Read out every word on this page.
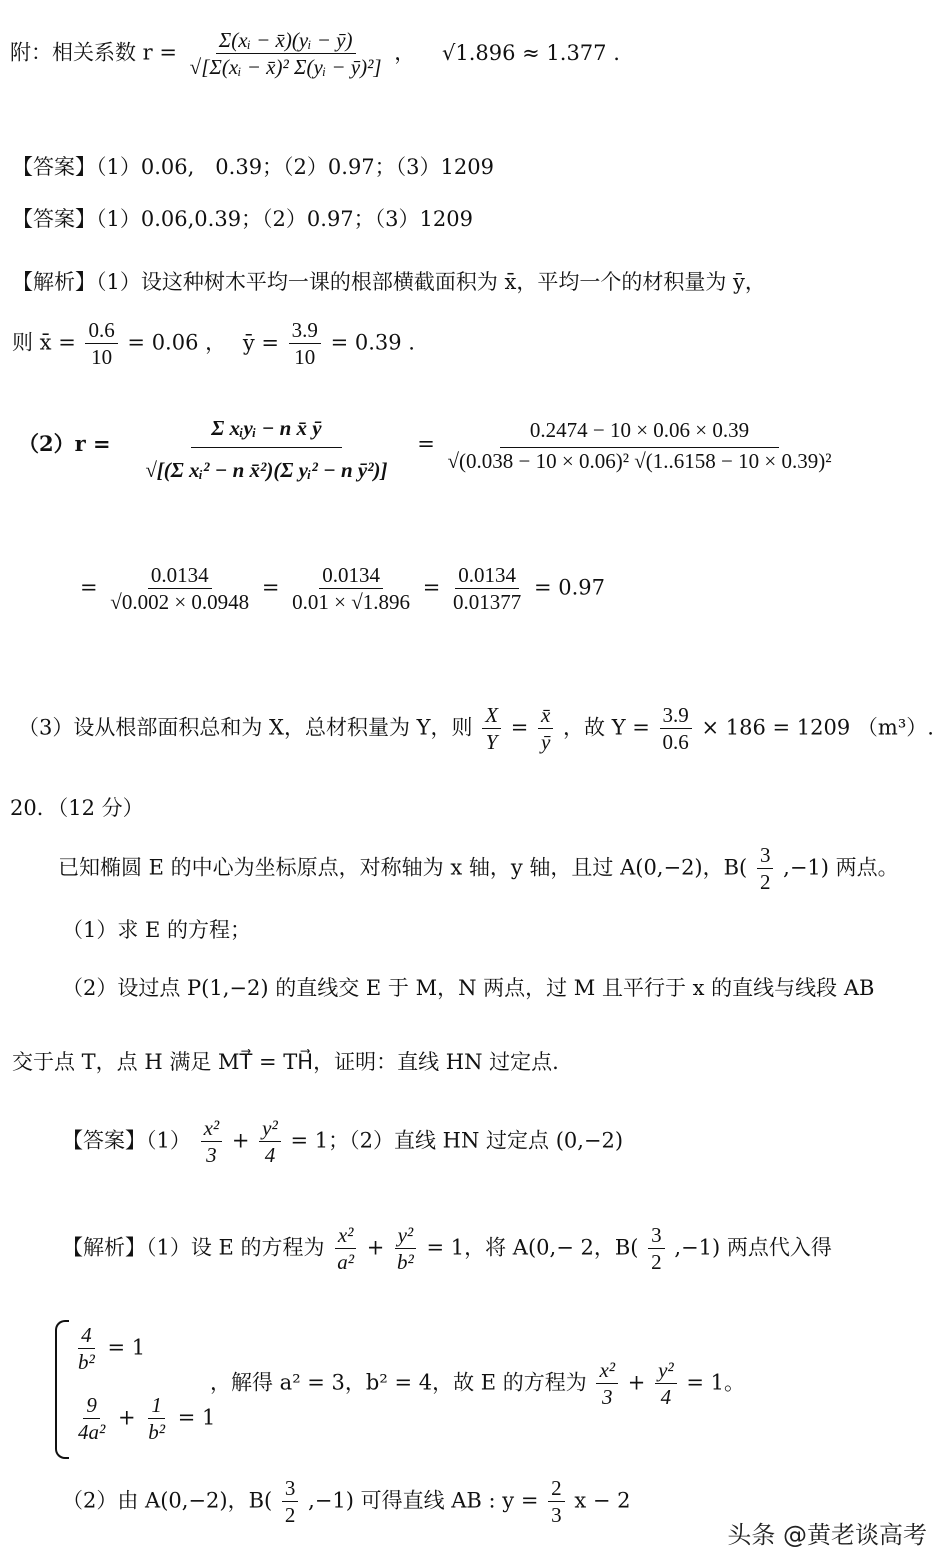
附：相关系数 $r = \frac{\text{Σ(xᵢ − x̄)(yᵢ − ȳ)}}{\text{√[Σ(xᵢ − x̄)² Σ(yᵢ − ȳ)²]}}$ ， √1.896 ≈ 1.377 .
【答案】（1）0.06,　0.39；（2）0.97；（3）1209
【答案】（1）0.06,0.39；（2）0.97；（3）1209
【解析】（1）设这种树木平均一课的根部横截面积为 x̄，平均一个的材积量为 ȳ，
则 x̄ = $\frac{0.6}{10} = 0.06$ ， ȳ = $\frac{3.9}{10} = 0.39$ .
$(2)r = \frac{\text{Σ xᵢyᵢ − n x̄ ȳ}}{\text{√[(Σ xᵢ² − n x̄²)(Σ yᵢ² − n ȳ²)]}} = \frac{0.2474 - 10 \times 0.06 \times 0.39}{\text{√(0.038 − 10 × 0.06)² √(1..6158 − 10 × 0.39)²}}$
= $\frac{0.0134}{√0.002 \times 0.0948} = \frac{0.0134}{0.01 \times √1.896} = \frac{0.0134}{0.01377} = 0.97$
（3）设从根部面积总和为 X，总材积量为 Y，则 $\frac{X}{Y} = \frac{x̄}{ȳ}$ ，故 $Y = \frac{3.9}{0.6} \times 186 = 1209$ （m³）.
20．（12 分）
已知椭圆 E 的中心为坐标原点，对称轴为 x 轴，y 轴，且过 A(0,−2)，$B( \frac{3}{2} ,-1)$ 两点。
（1）求 E 的方程；
（2）设过点 P(1,−2) 的直线交 E 于 M，N 两点，过 M 且平行于 x 的直线与线段 AB
交于点 T，点 H 满足 MT⃗ = TH⃗，证明：直线 HN 过定点.
【答案】$(1) \frac{\text{x²}}{3} + \frac{\text{y²}}{4} = 1$；（2）直线 HN 过定点 (0,−2)
【解析】（1）设 E 的方程为 $\frac{\text{x²}}{\text{a²}} + \frac{\text{y²}}{\text{b²}} = 1$，将 A(0,− 2，$B( \frac{3}{2} ,-1)$ 两点代入得
$\frac{4}{\text{b²}} = 1$
$\frac{9}{\text{4a²}} + \frac{1}{\text{b²}} = 1$
，解得 a² = 3，b² = 4，故 E 的方程为 $\frac{\text{x²}}{3} + \frac{\text{y²}}{4} = 1$。
（2）由 A(0,−2)，$B( \frac{3}{2} ,-1)$ 可得直线 AB : $y = \frac{2}{3}$ x − 2
头条 @黄老谈高考
